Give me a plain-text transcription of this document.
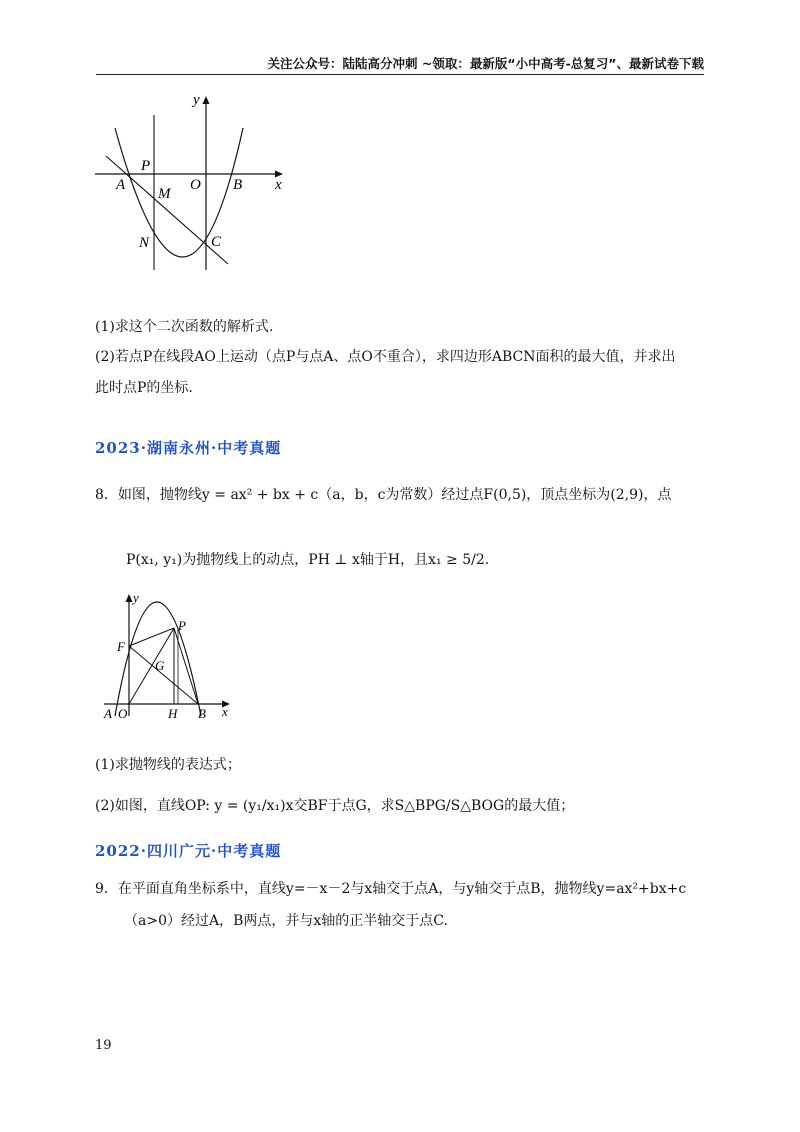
关注公众号：陆陆高分冲刺 ~领取：最新版“小中高考-总复习”、最新试卷下载
y
x
P
A
M
O B
N	C
(1)求这个二次函数的解析式.
(2)若点P在线段AO上运动（点P与点A、点O不重合），求四边形ABCN面积的最大值，并求出
此时点P的坐标.
2023·湖南永州·中考真题
8．如图，抛物线y = ax² + bx + c（a，b，c为常数）经过点F(0,5)，顶点坐标为(2,9)，点
P(x₁, y₁)为抛物线上的动点，PH ⊥ x轴于H，且x₁ ≥ 5/2.
y
P
F
G
A O	H B x
(1)求抛物线的表达式；
(2)如图，直线OP: y = (y₁/x₁)x交BF于点G，求S△BPG/S△BOG的最大值；
2022·四川广元·中考真题
9．在平面直角坐标系中，直线y=－x－2与x轴交于点A，与y轴交于点B，抛物线y=ax²+bx+c
（a>0）经过A，B两点，并与x轴的正半轴交于点C.
19
